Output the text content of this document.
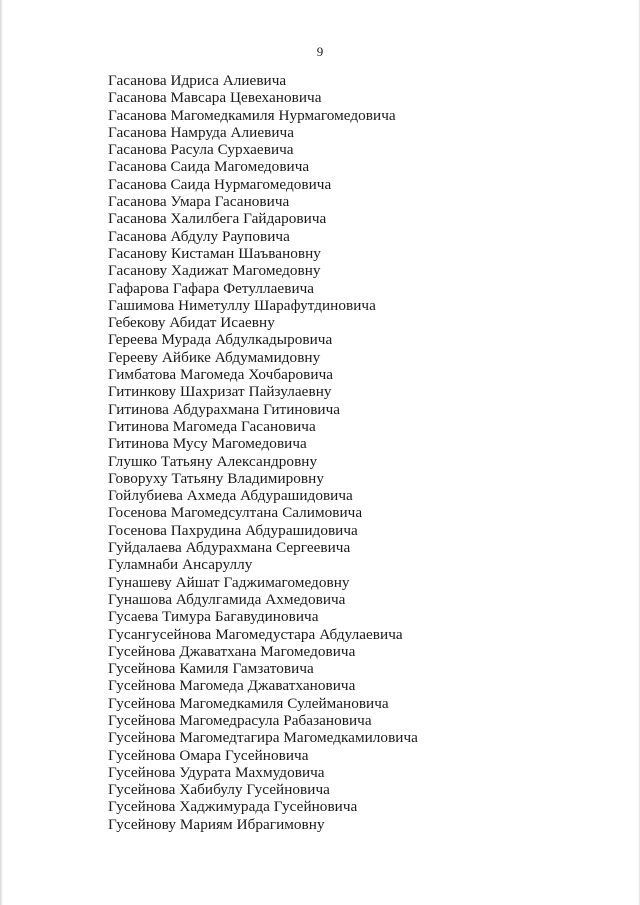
9
Гасанова Идриса Алиевича
Гасанова Мавсара Цевехановича
Гасанова Магомедкамиля Нурмагомедовича
Гасанова Намруда Алиевича
Гасанова Расула Сурхаевича
Гасанова Саида Магомедовича
Гасанова Саида Нурмагомедовича
Гасанова Умара Гасановича
Гасанова Халилбега Гайдаровича
Гасанова Абдулу Рауповича
Гасанову Кистаман Шаъвановну
Гасанову Хадижат Магомедовну
Гафарова Гафара Фетуллаевича
Гашимова Ниметуллу Шарафутдиновича
Гебекову Абидат Исаевну
Гереева Мурада Абдулкадыровича
Гереeву Айбике Абдумамидовну
Гимбатова Магомеда Хочбаровича
Гитинкову Шахризат Пайзулаевну
Гитинова Абдурахмана Гитиновича
Гитинова Магомеда Гасановича
Гитинова Мусу Магомедовича
Глушко Татьяну Александровну
Говоруху Татьяну Владимировну
Гойлубиева Ахмеда Абдурашидовича
Госенова Магомедсултана Салимовича
Госенова Пахрудина Абдурашидовича
Гуйдалаева Абдурахмана Сергеевича
Гуламнаби Ансаруллу
Гунашеву Айшат Гаджимагомедовну
Гунашова Абдулгамида Ахмедовича
Гусаева Тимура Багавудиновича
Гусангусейнова Магомедустара Абдулаевича
Гусейнова Джаватхана Магомедовича
Гусейнова Камиля Гамзатовича
Гусейнова Магомеда Джаватхановича
Гусейнова Магомедкамиля Сулеймановича
Гусейнова Магомедрасула Рабазановича
Гусейнова Магомедтагира Магомедкамиловича
Гусейнова Омара Гусейновича
Гусейнова Удурата Махмудовича
Гусейнова Хабибулу Гусейновича
Гусейнова Хаджимурада Гусейновича
Гусейнову Мариям Ибрагимовну
